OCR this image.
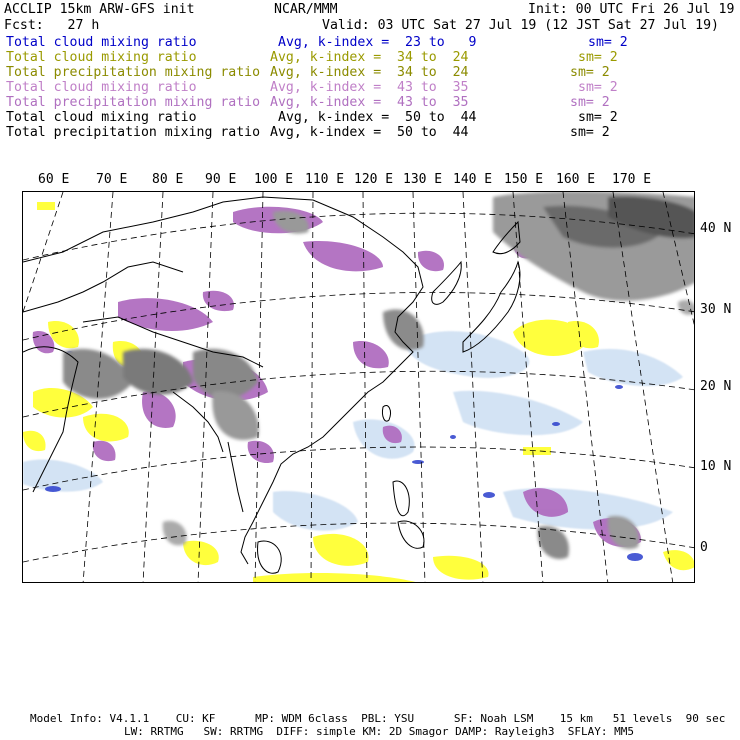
ACCLIP 15km ARW-GFS init	NCAR/MMM	Init: 00 UTC Fri 26 Jul 19
Fcst:   27 h	Valid: 03 UTC Sat 27 Jul 19 (12 JST Sat 27 Jul 19)
Total cloud mixing ratio	Avg, k-index =  23 to   9	sm= 2
Total cloud mixing ratio	Avg, k-index =  34 to  24	sm= 2
Total precipitation mixing ratio Avg, k-index =  34 to  24	sm= 2
Total cloud mixing ratio	Avg, k-index =  43 to  35	sm= 2
Total precipitation mixing ratio Avg, k-index =  43 to  35	sm= 2
Total cloud mixing ratio	Avg, k-index =  50 to  44	sm= 2
Total precipitation mixing ratio Avg, k-index =  50 to  44	sm= 2
60 E 70 E 80 E 90 E 100 E 110 E 120 E 130 E 140 E 150 E 160 E 170 E
40 N
30 N
20 N
10 N
0
Model Info: V4.1.1    CU: KF      MP: WDM 6class  PBL: YSU      SF: Noah LSM    15 km   51 levels  90 sec
LW: RRTMG   SW: RRTMG  DIFF: simple KM: 2D Smagor DAMP: Rayleigh3  SFLAY: MM5
